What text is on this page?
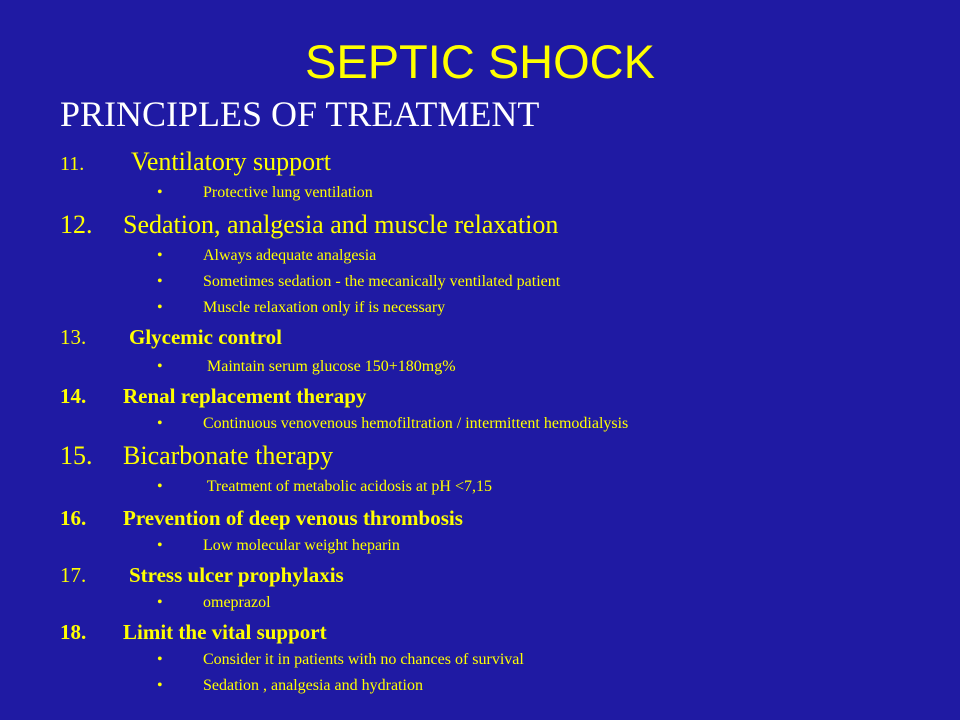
SEPTIC SHOCK
PRINCIPLES OF TREATMENT
11. Ventilatory support
•	Protective lung ventilation
12. Sedation, analgesia and muscle relaxation
•	Always adequate analgesia
•	Sometimes sedation - the mecanically ventilated patient
•	Muscle relaxation only if is necessary
13. Glycemic control
•	Maintain serum glucose 150+180mg%
14. Renal replacement therapy
•	Continuous venovenous hemofiltration / intermittent hemodialysis
15. Bicarbonate therapy
•	Treatment of metabolic acidosis at pH <7,15
16. Prevention of deep venous thrombosis
•	Low molecular weight heparin
17. Stress ulcer prophylaxis
•	omeprazol
18. Limit the vital support
•	Consider it in patients with no chances of survival
•	Sedation , analgesia and hydration
